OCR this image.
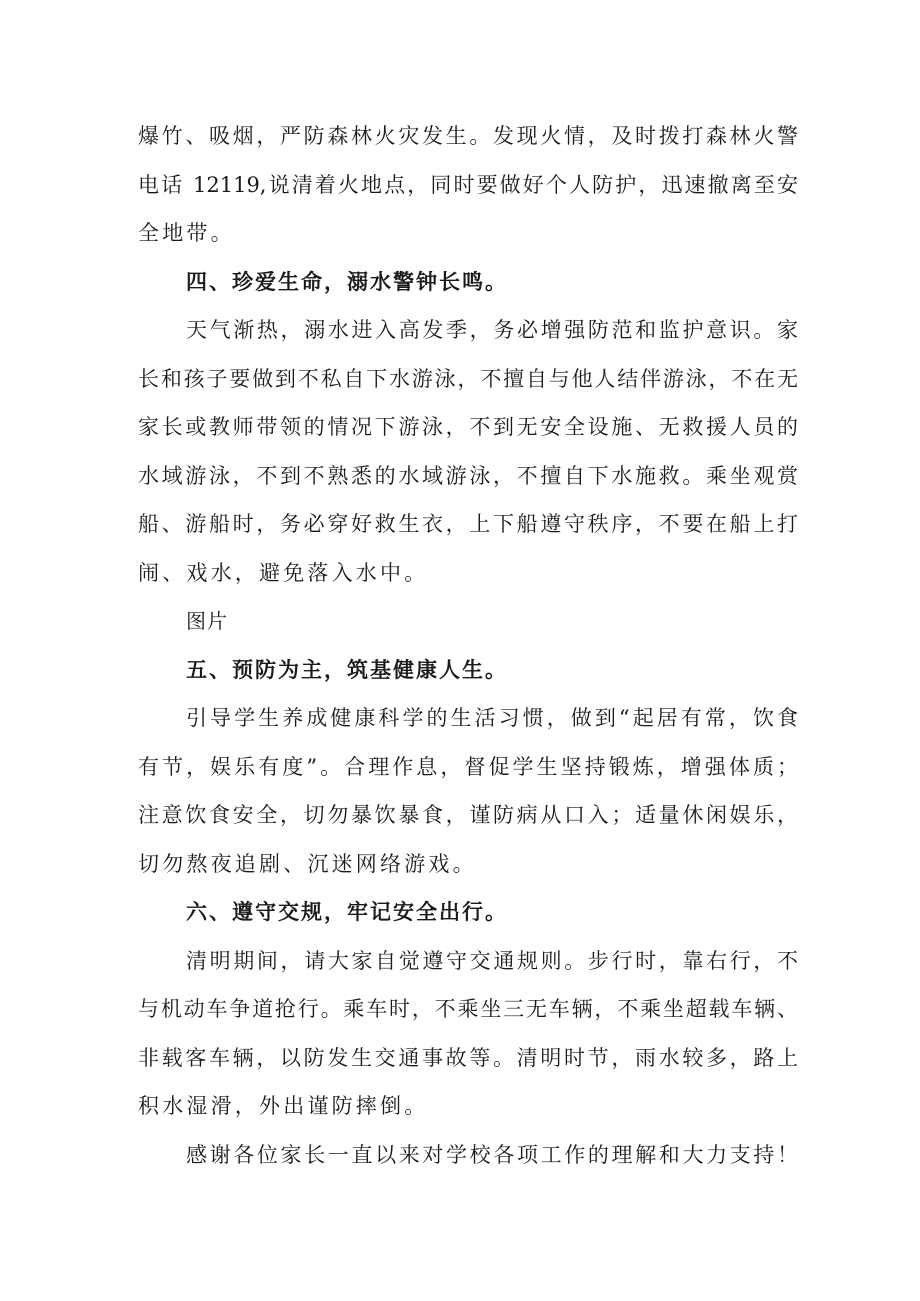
爆竹、吸烟，严防森林火灾发生。发现火情，及时拨打森林火警
电话 12119,说清着火地点，同时要做好个人防护，迅速撤离至安
全地带。
四、珍爱生命，溺水警钟长鸣。
天气渐热，溺水进入高发季，务必增强防范和监护意识。家
长和孩子要做到不私自下水游泳，不擅自与他人结伴游泳，不在无
家长或教师带领的情况下游泳，不到无安全设施、无救援人员的
水域游泳，不到不熟悉的水域游泳，不擅自下水施救。乘坐观赏
船、游船时，务必穿好救生衣，上下船遵守秩序，不要在船上打
闹、戏水，避免落入水中。
图片
五、预防为主，筑基健康人生。
引导学生养成健康科学的生活习惯，做到“起居有常，饮食
有节，娱乐有度”。合理作息，督促学生坚持锻炼，增强体质；
注意饮食安全，切勿暴饮暴食，谨防病从口入；适量休闲娱乐，
切勿熬夜追剧、沉迷网络游戏。
六、遵守交规，牢记安全出行。
清明期间，请大家自觉遵守交通规则。步行时，靠右行，不
与机动车争道抢行。乘车时，不乘坐三无车辆，不乘坐超载车辆、
非载客车辆，以防发生交通事故等。清明时节，雨水较多，路上
积水湿滑，外出谨防摔倒。
感谢各位家长一直以来对学校各项工作的理解和大力支持！
